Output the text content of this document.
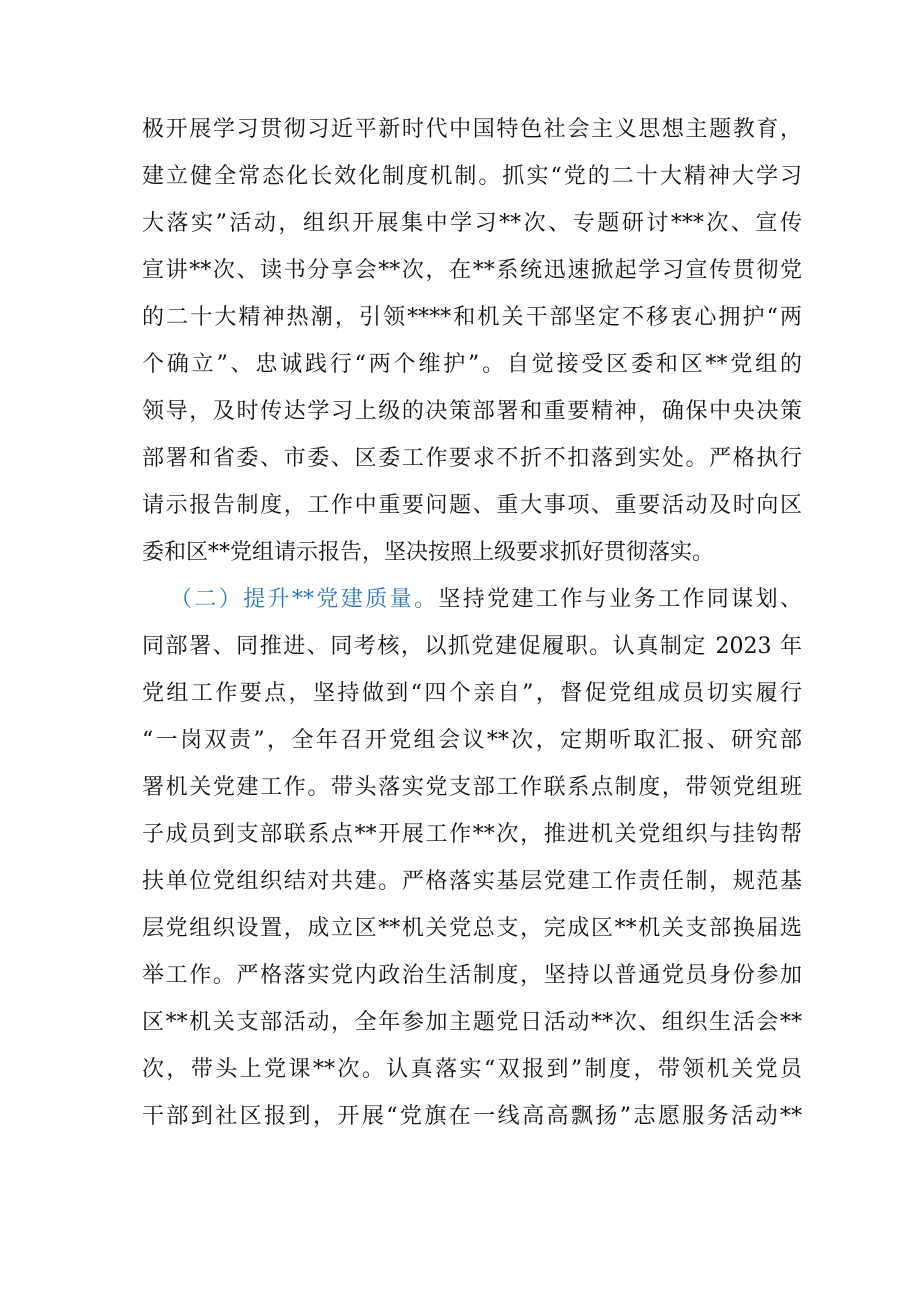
极开展学习贯彻习近平新时代中国特色社会主义思想主题教育，
建立健全常态化长效化制度机制。抓实“党的二十大精神大学习
大落实”活动，组织开展集中学习**次、专题研讨***次、宣传
宣讲**次、读书分享会**次，在**系统迅速掀起学习宣传贯彻党
的二十大精神热潮，引领****和机关干部坚定不移衷心拥护“两
个确立”、忠诚践行“两个维护”。自觉接受区委和区**党组的
领导，及时传达学习上级的决策部署和重要精神，确保中央决策
部署和省委、市委、区委工作要求不折不扣落到实处。严格执行
请示报告制度，工作中重要问题、重大事项、重要活动及时向区
委和区**党组请示报告，坚决按照上级要求抓好贯彻落实。
（二）提升**党建质量。坚持党建工作与业务工作同谋划、
同部署、同推进、同考核，以抓党建促履职。认真制定 2023 年
党组工作要点，坚持做到“四个亲自”，督促党组成员切实履行
“一岗双责”，全年召开党组会议**次，定期听取汇报、研究部
署机关党建工作。带头落实党支部工作联系点制度，带领党组班
子成员到支部联系点**开展工作**次，推进机关党组织与挂钩帮
扶单位党组织结对共建。严格落实基层党建工作责任制，规范基
层党组织设置，成立区**机关党总支，完成区**机关支部换届选
举工作。严格落实党内政治生活制度，坚持以普通党员身份参加
区**机关支部活动，全年参加主题党日活动**次、组织生活会**
次，带头上党课**次。认真落实“双报到”制度，带领机关党员
干部到社区报到，开展“党旗在一线高高飘扬”志愿服务活动**
